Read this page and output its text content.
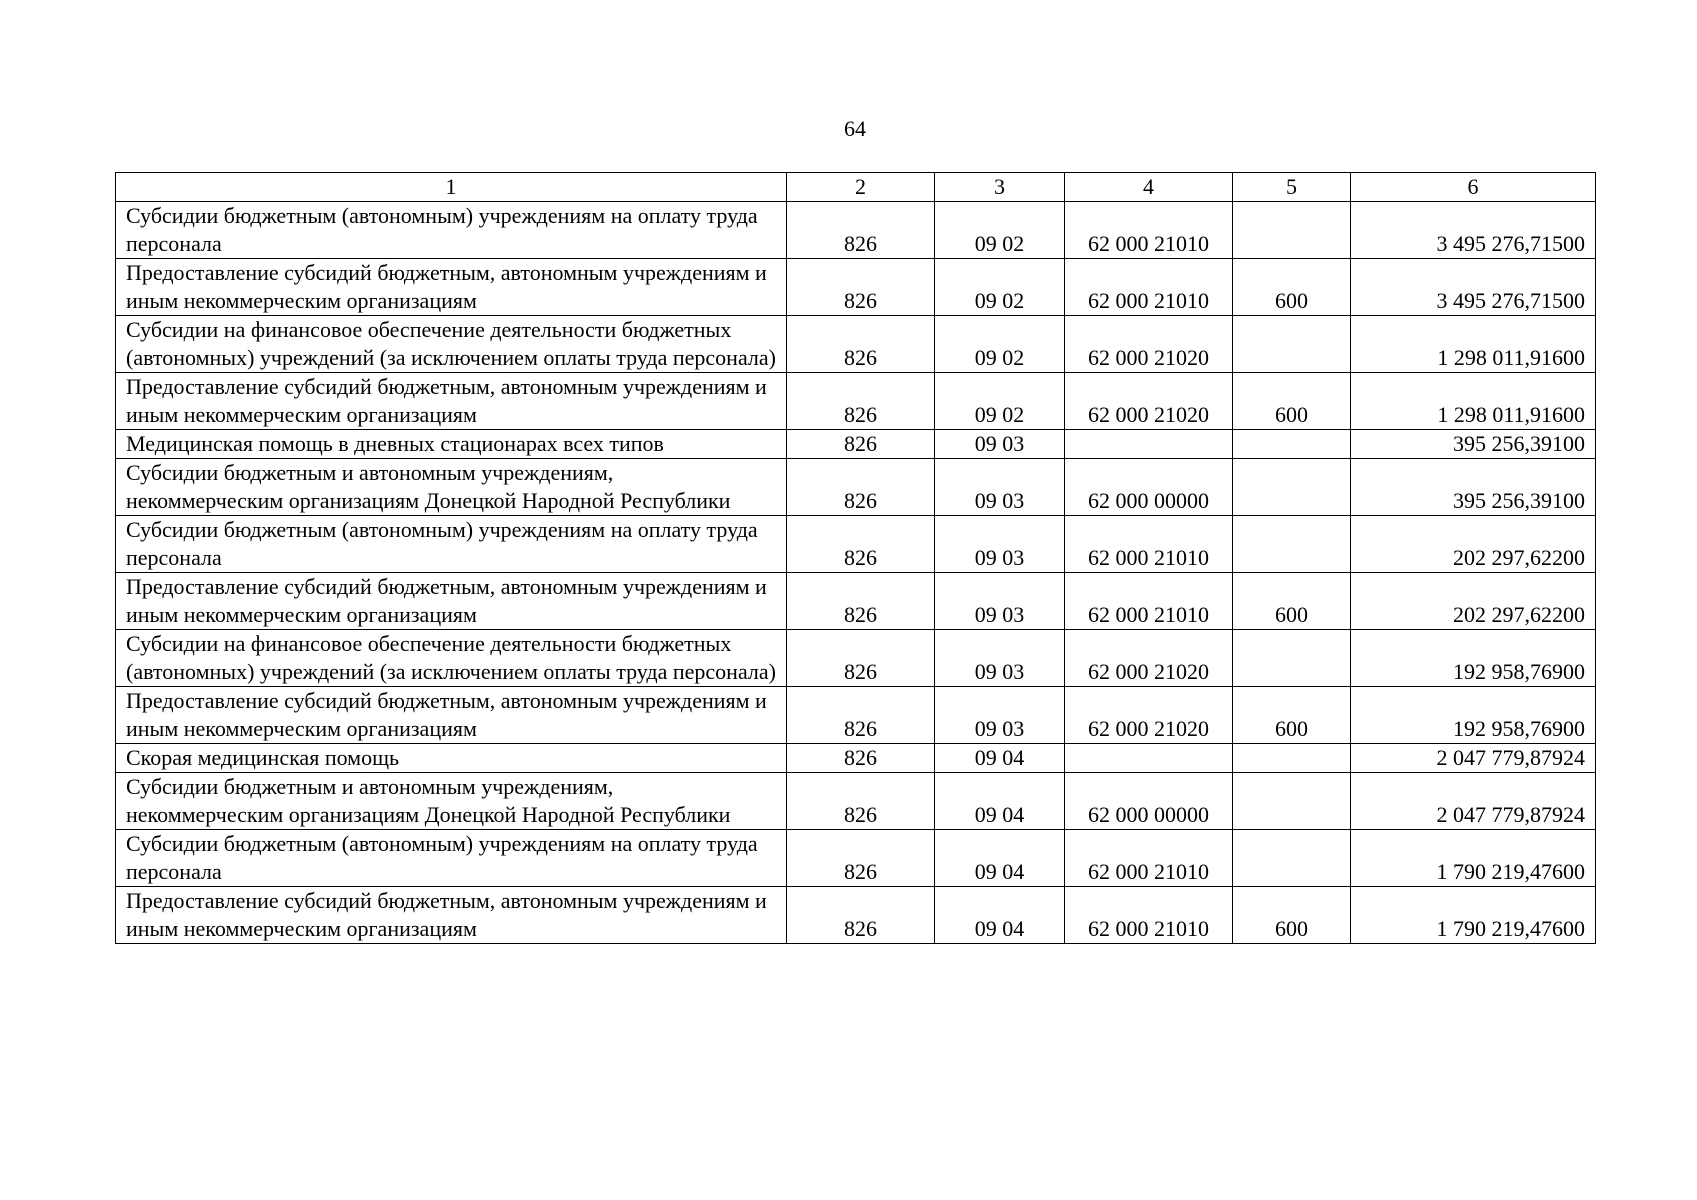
64
1	2	3	4	5	6
Субсидии бюджетным (автономным) учреждениям на оплату труда персонала	826	09 02	62 000 21010		3 495 276,71500
Предоставление субсидий бюджетным, автономным учреждениям и иным некоммерческим организациям	826	09 02	62 000 21010	600	3 495 276,71500
Субсидии на финансовое обеспечение деятельности бюджетных (автономных) учреждений (за исключением оплаты труда персонала)	826	09 02	62 000 21020		1 298 011,91600
Предоставление субсидий бюджетным, автономным учреждениям и иным некоммерческим организациям	826	09 02	62 000 21020	600	1 298 011,91600
Медицинская помощь в дневных стационарах всех типов	826	09 03			395 256,39100
Субсидии бюджетным и автономным учреждениям, некоммерческим организациям Донецкой Народной Республики	826	09 03	62 000 00000		395 256,39100
Субсидии бюджетным (автономным) учреждениям на оплату труда персонала	826	09 03	62 000 21010		202 297,62200
Предоставление субсидий бюджетным, автономным учреждениям и иным некоммерческим организациям	826	09 03	62 000 21010	600	202 297,62200
Субсидии на финансовое обеспечение деятельности бюджетных (автономных) учреждений (за исключением оплаты труда персонала)	826	09 03	62 000 21020		192 958,76900
Предоставление субсидий бюджетным, автономным учреждениям и иным некоммерческим организациям	826	09 03	62 000 21020	600	192 958,76900
Скорая медицинская помощь	826	09 04			2 047 779,87924
Субсидии бюджетным и автономным учреждениям, некоммерческим организациям Донецкой Народной Республики	826	09 04	62 000 00000		2 047 779,87924
Субсидии бюджетным (автономным) учреждениям на оплату труда персонала	826	09 04	62 000 21010		1 790 219,47600
Предоставление субсидий бюджетным, автономным учреждениям и иным некоммерческим организациям	826	09 04	62 000 21010	600	1 790 219,47600
